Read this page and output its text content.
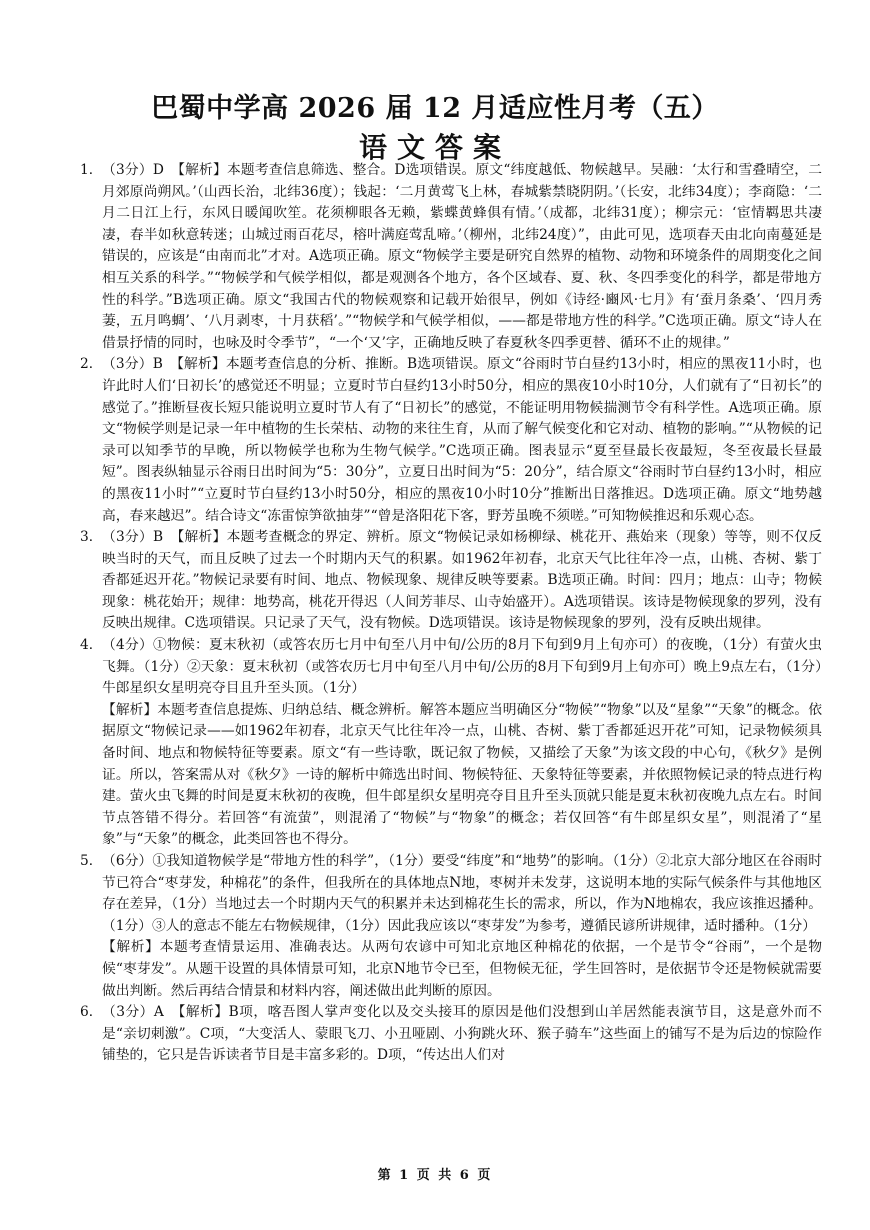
巴蜀中学高 2026 届 12 月适应性月考（五）
语文答案
1． （3分）D　【解析】本题考查信息筛选、整合。D选项错误。原文“纬度越低、物候越早。吴融：‘太行和雪叠晴空，二月郊原尚朔风。’（山西长治，北纬36度）；钱起：‘二月黄莺飞上林，春城紫禁晓阴阴。’（长安，北纬34度）；李商隐：‘二月二日江上行，东风日暖闻吹笙。花须柳眼各无赖，紫蝶黄蜂俱有情。’（成都，北纬31度）；柳宗元：‘宦情羁思共凄凄，春半如秋意转迷；山城过雨百花尽，榕叶满庭莺乱啼。’（柳州，北纬24度）”，由此可见，选项春天由北向南蔓延是错误的，应该是“由南而北”才对。A选项正确。原文“物候学主要是研究自然界的植物、动物和环境条件的周期变化之间相互关系的科学。”“物候学和气候学相似，都是观测各个地方，各个区域春、夏、秋、冬四季变化的科学，都是带地方性的科学。”B选项正确。原文“我国古代的物候观察和记载开始很早，例如《诗经·豳风·七月》有‘蚕月条桑’、‘四月秀萋，五月鸣蜩’、‘八月剥枣，十月获稻’。”“物候学和气候学相似，——都是带地方性的科学。”C选项正确。原文“诗人在借景抒情的同时，也咏及时令季节”，“一个‘又’字，正确地反映了春夏秋冬四季更替、循环不止的规律。”

2． （3分）B　【解析】本题考查信息的分析、推断。B选项错误。原文“谷雨时节白昼约13小时，相应的黑夜11小时，也许此时人们‘日初长’的感觉还不明显；立夏时节白昼约13小时50分，相应的黑夜10小时10分，人们就有了“日初长”的感觉了。”推断昼夜长短只能说明立夏时节人有了“日初长”的感觉，不能证明用物候揣测节令有科学性。A选项正确。原文“物候学则是记录一年中植物的生长荣枯、动物的来往生育，从而了解气候变化和它对动、植物的影响。”“从物候的记录可以知季节的早晚，所以物候学也称为生物气候学。”C选项正确。图表显示“夏至昼最长夜最短，冬至夜最长昼最短”。图表纵轴显示谷雨日出时间为“5：30分”，立夏日出时间为“5：20分”，结合原文“谷雨时节白昼约13小时，相应的黑夜11小时”“立夏时节白昼约13小时50分，相应的黑夜10小时10分”推断出日落推迟。D选项正确。原文“地势越高，春来越迟”。结合诗文“冻雷惊笋欲抽芽”“曾是洛阳花下客，野芳虽晚不须嗟。”可知物候推迟和乐观心态。

3． （3分）B　【解析】本题考查概念的界定、辨析。原文“物候记录如杨柳绿、桃花开、燕始来（现象）等等，则不仅反映当时的天气，而且反映了过去一个时期内天气的积累。如1962年初春，北京天气比往年冷一点，山桃、杏树、紫丁香都延迟开花。”物候记录要有时间、地点、物候现象、规律反映等要素。B选项正确。时间：四月；地点：山寺；物候现象：桃花始开；规律：地势高，桃花开得迟（人间芳菲尽、山寺始盛开）。A选项错误。该诗是物候现象的罗列，没有反映出规律。C选项错误。只记录了天气，没有物候。D选项错误。该诗是物候现象的罗列，没有反映出规律。

4． （4分）①物候：夏末秋初（或答农历七月中旬至八月中旬/公历的8月下旬到9月上旬亦可）的夜晚，（1分）有萤火虫飞舞。（1分）②天象：夏末秋初（或答农历七月中旬至八月中旬/公历的8月下旬到9月上旬亦可）晚上9点左右，（1分）牛郎星织女星明亮夺目且升至头顶。（1分）

【解析】本题考查信息提炼、归纳总结、概念辨析。解答本题应当明确区分“物候”“物象”以及“星象”“天象”的概念。依据原文“物候记录——如1962年初春，北京天气比往年冷一点，山桃、杏树、紫丁香都延迟开花”可知，记录物候须具备时间、地点和物候特征等要素。原文“有一些诗歌，既记叙了物候，又描绘了天象”为该文段的中心句，《秋夕》是例证。所以，答案需从对《秋夕》一诗的解析中筛选出时间、物候特征、天象特征等要素，并依照物候记录的特点进行构建。萤火虫飞舞的时间是夏末秋初的夜晚，但牛郎星织女星明亮夺目且升至头顶就只能是夏末秋初夜晚九点左右。时间节点答错不得分。若回答“有流萤”，则混淆了“物候”与“物象”的概念；若仅回答“有牛郎星织女星”，则混淆了“星象”与“天象”的概念，此类回答也不得分。

5． （6分）①我知道物候学是“带地方性的科学”，（1分）要受“纬度”和“地势”的影响。（1分）②北京大部分地区在谷雨时节已符合“枣芽发，种棉花”的条件，但我所在的具体地点N地，枣树并未发芽，这说明本地的实际气候条件与其他地区存在差异，（1分）当地过去一个时期内天气的积累并未达到棉花生长的需求，所以，作为N地棉农，我应该推迟播种。（1分）③人的意志不能左右物候规律，（1分）因此我应该以“枣芽发”为参考，遵循民谚所讲规律，适时播种。（1分）

【解析】本题考查情景运用、准确表达。从两句农谚中可知北京地区种棉花的依据，一个是节令“谷雨”，一个是物候“枣芽发”。从题干设置的具体情景可知，北京N地节令已至，但物候无征，学生回答时，是依据节令还是物候就需要做出判断。然后再结合情景和材料内容，阐述做出此判断的原因。

6． （3分）A　【解析】B项，喀吾图人掌声变化以及交头接耳的原因是他们没想到山羊居然能表演节目，这是意外而不是“亲切刺激”。C项，“大变活人、蒙眼飞刀、小丑哑剧、小狗跳火环、猴子骑车”这些面上的铺写不是为后边的惊险作铺垫的，它只是告诉读者节目是丰富多彩的。D项，“传达出人们对

第 1 页 共 6 页
